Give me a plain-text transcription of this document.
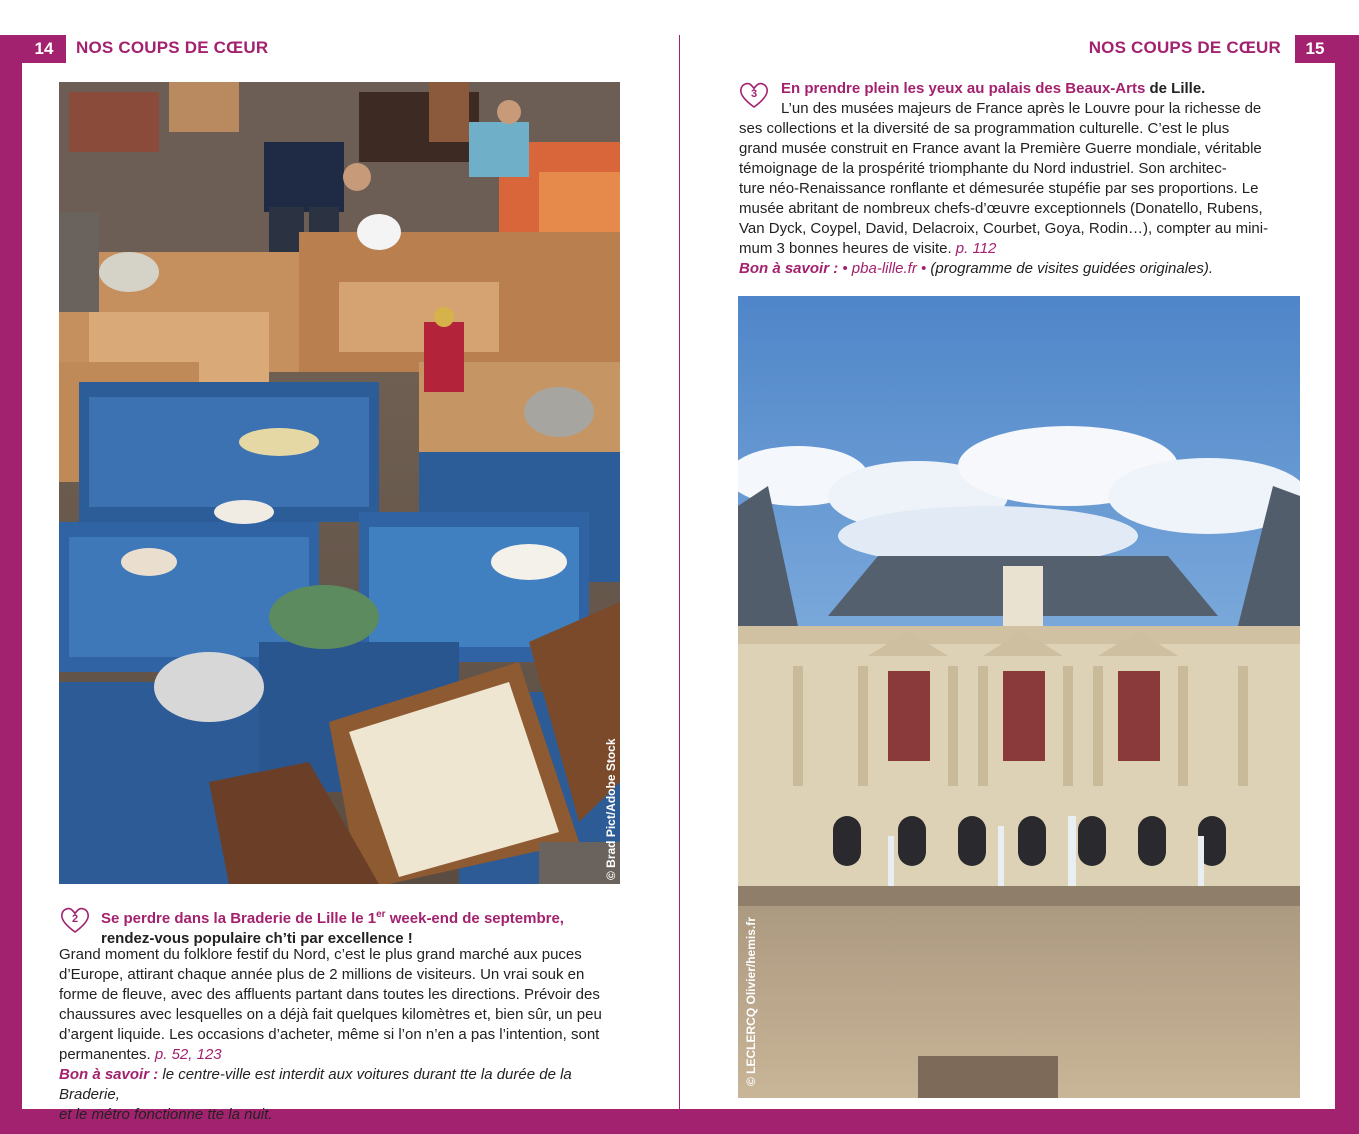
14	NOS COUPS DE CŒUR	NOS COUPS DE CŒUR	15
© Brad Pict/Adobe Stock
2	Se perdre dans la Braderie de Lille le 1er week-end de septembre,

rendez-vous populaire ch’ti par excellence !

Grand moment du folklore festif du Nord, c’est le plus grand marché aux puces

d’Europe, attirant chaque année plus de 2 millions de visiteurs. Un vrai souk en

forme de fleuve, avec des affluents partant dans toutes les directions. Prévoir des

chaussures avec lesquelles on a déjà fait quelques kilomètres et, bien sûr, un peu

d’argent liquide. Les occasions d’acheter, même si l’on n’en a pas l’intention, sont

permanentes. p. 52, 123

Bon à savoir : le centre-ville est interdit aux voitures durant tte la durée de la Braderie,

et le métro fonctionne tte la nuit.

3	En prendre plein les yeux au palais des Beaux-Arts de Lille.

L’un des musées majeurs de France après le Louvre pour la richesse de

ses collections et la diversité de sa programmation culturelle. C’est le plus

grand musée construit en France avant la Première Guerre mondiale, véritable

témoignage de la prospérité triomphante du Nord industriel. Son architec-

ture néo-Renaissance ronflante et démesurée stupéfie par ses proportions. Le

musée abritant de nombreux chefs-d’œuvre exceptionnels (Donatello, Rubens,

Van Dyck, Coypel, David, Delacroix, Courbet, Goya, Rodin…), compter au mini-

mum 3 bonnes heures de visite. p. 112

Bon à savoir : • pba-lille.fr • (programme de visites guidées originales).

© LECLERCQ Olivier/hemis.fr
